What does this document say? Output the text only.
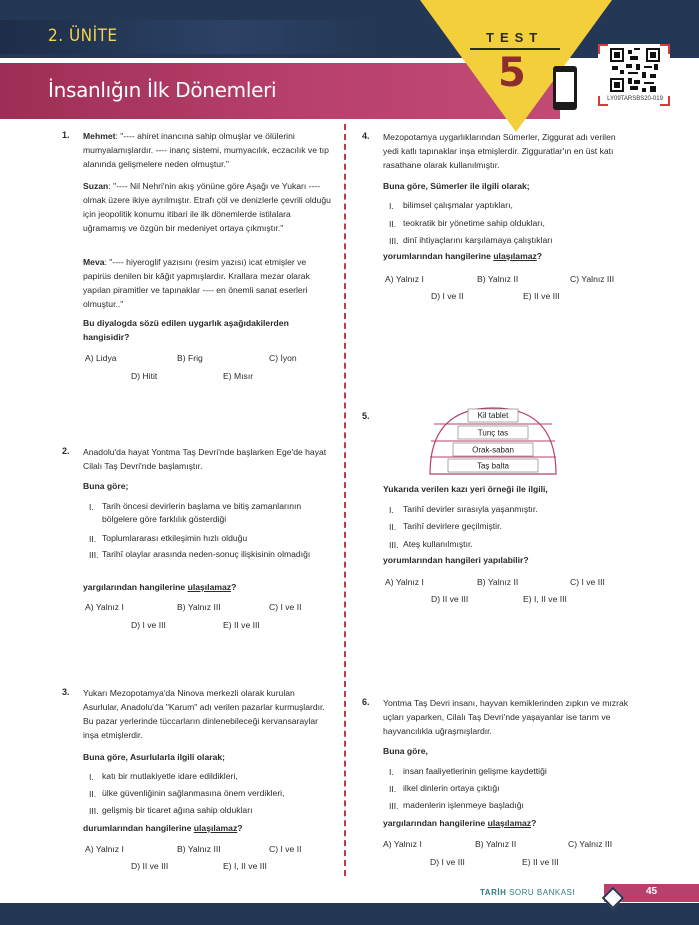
2. ÜNİTE
İnsanlığın İlk Dönemleri
TEST
5
LY09TARSBS20-019
1. Mehmet: "---- ahiret inancına sahip olmuşlar ve ölülerini mumyalamışlardır. ---- inanç sistemi, mumyacılık, eczacılık ve tıp alanında gelişmelere neden olmuştur."
Suzan: "---- Nil Nehri'nin akış yönüne göre Aşağı ve Yukarı ---- olmak üzere ikiye ayrılmıştır. Etrafı çöl ve denizlerle çevrili olduğu için jeopolitik konumu itibari ile ilk dönemlerde istilalara uğramamış ve özgün bir medeniyet ortaya çıkmıştır."
Meva: "---- hiyeroglif yazısını (resim yazısı) icat etmişler ve papirüs denilen bir kâğıt yapmışlardır. Krallara mezar olarak yapılan piramitler ve tapınaklar ---- en önemli sanat eserleri olmuştur.."
Bu diyalogda sözü edilen uygarlık aşağıdakilerden hangisidir?
A) Lidya	B) Frig	C) İyon
D) Hitit	E) Mısır
2. Anadolu'da hayat Yontma Taş Devri'nde başlarken Ege'de hayat Cilalı Taş Devri'nde başlamıştır.
Buna göre;
I. Tarih öncesi devirlerin başlama ve bitiş zamanlarının bölgelere göre farklılık gösterdiği
II. Toplumlararası etkileşimin hızlı olduğu
III. Tarihî olaylar arasında neden-sonuç ilişkisinin olmadığı
yargılarından hangilerine ulaşılamaz?
A) Yalnız I	B) Yalnız III	C) I ve II
D) I ve III	E) II ve III
3. Yukarı Mezopotamya'da Ninova merkezli olarak kurulan Asurlular, Anadolu'da "Karum" adı verilen pazarlar kurmuşlardır. Bu pazar yerlerinde tüccarların dinlenebileceği kervansaraylar inşa etmişlerdir.
Buna göre, Asurlularla ilgili olarak;
I. katı bir mutlakiyetle idare edildikleri,
II. ülke güvenliğinin sağlanmasına önem verdikleri,
III. gelişmiş bir ticaret ağına sahip oldukları
durumlarından hangilerine ulaşılamaz?
A) Yalnız I	B) Yalnız III	C) I ve II
D) II ve III	E) I, II ve III
4. Mezopotamya uygarlıklarından Sümerler, Ziggurat adı verilen yedi katlı tapınaklar inşa etmişlerdir. Zigguratlar'ın en üst katı rasathane olarak kullanılmıştır.
Buna göre, Sümerler ile ilgili olarak;
I. bilimsel çalışmalar yaptıkları,
II. teokratik bir yönetime sahip oldukları,
III. dinî ihtiyaçlarını karşılamaya çalıştıkları
yorumlarından hangilerine ulaşılamaz?
A) Yalnız I	B) Yalnız II	C) Yalnız III
D) I ve II	E) II ve III
5.	Kil tablet
Tunç tas
Orak-saban
Taş balta
Yukarıda verilen kazı yeri örneği ile ilgili,
I. Tarihî devirler sırasıyla yaşanmıştır.
II. Tarihî devirlere geçilmiştir.
III. Ateş kullanılmıştır.
yorumlarından hangileri yapılabilir?
A) Yalnız I	B) Yalnız II	C) I ve III
D) II ve III	E) I, II ve III
6. Yontma Taş Devri insanı, hayvan kemiklerinden zıpkın ve mızrak uçları yaparken, Cilalı Taş Devri'nde yaşayanlar ise tarım ve hayvancılıkla uğraşmışlardır.
Buna göre,
I. insan faaliyetlerinin gelişme kaydettiği
II. ilkel dinlerin ortaya çıktığı
III. madenlerin işlenmeye başladığı
yargılarından hangilerine ulaşılamaz?
A) Yalnız I	B) Yalnız II	C) Yalnız III
D) I ve III	E) II ve III
TARİH SORU BANKASI	45
